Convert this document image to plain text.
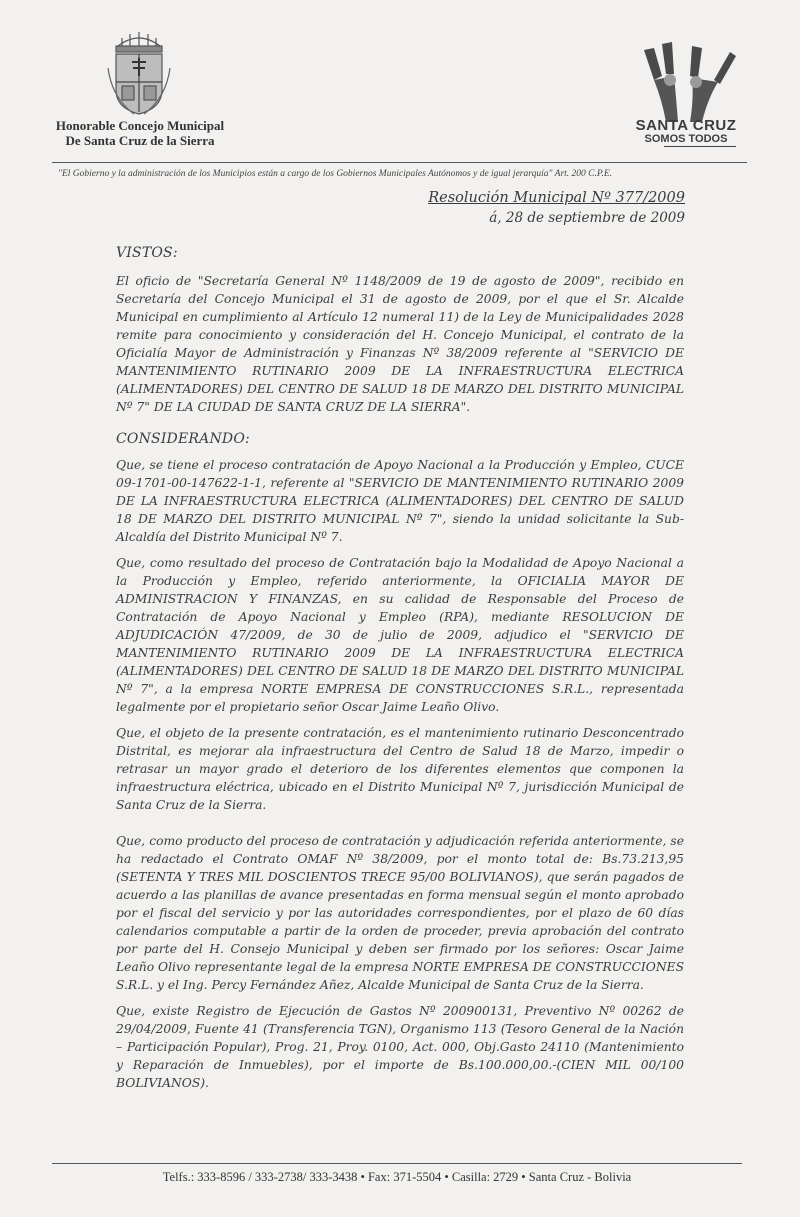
Honorable Concejo Municipal
De Santa Cruz de la Sierra
SANTA CRUZ
SOMOS TODOS
"El Gobierno y la administración de los Municipios están a cargo de los Gobiernos Municipales Autónomos y de igual jerarquía" Art. 200 C.P.E.
Resolución Municipal Nº 377/2009
á, 28 de septiembre de 2009
VISTOS:

El oficio de "Secretaría General Nº 1148/2009 de 19 de agosto de 2009", recibido en Secretaría del Concejo Municipal el 31 de agosto de 2009, por el que el Sr. Alcalde Municipal en cumplimiento al Artículo 12 numeral 11) de la Ley de Municipalidades 2028 remite para conocimiento y consideración del H. Concejo Municipal, el contrato de la Oficialía Mayor de Administración y Finanzas Nº 38/2009 referente al "SERVICIO DE MANTENIMIENTO RUTINARIO 2009 DE LA INFRAESTRUCTURA ELECTRICA (ALIMENTADORES) DEL CENTRO DE SALUD 18 DE MARZO DEL DISTRITO MUNICIPAL Nº 7" DE LA CIUDAD DE SANTA CRUZ DE LA SIERRA".

CONSIDERANDO:

Que, se tiene el proceso contratación de Apoyo Nacional a la Producción y Empleo, CUCE 09-1701-00-147622-1-1, referente al "SERVICIO DE MANTENIMIENTO RUTINARIO 2009 DE LA INFRAESTRUCTURA ELECTRICA (ALIMENTADORES) DEL CENTRO DE SALUD 18 DE MARZO DEL DISTRITO MUNICIPAL Nº 7", siendo la unidad solicitante la Sub-Alcaldía del Distrito Municipal Nº 7.

Que, como resultado del proceso de Contratación bajo la Modalidad de Apoyo Nacional a la Producción y Empleo, referido anteriormente, la OFICIALIA MAYOR DE ADMINISTRACION Y FINANZAS, en su calidad de Responsable del Proceso de Contratación de Apoyo Nacional y Empleo (RPA), mediante RESOLUCION DE ADJUDICACIÓN 47/2009, de 30 de julio de 2009, adjudico el "SERVICIO DE MANTENIMIENTO RUTINARIO 2009 DE LA INFRAESTRUCTURA ELECTRICA (ALIMENTADORES) DEL CENTRO DE SALUD 18 DE MARZO DEL DISTRITO MUNICIPAL Nº 7", a la empresa NORTE EMPRESA DE CONSTRUCCIONES S.R.L., representada legalmente por el propietario señor Oscar Jaime Leaño Olivo.

Que, el objeto de la presente contratación, es el mantenimiento rutinario Desconcentrado Distrital, es mejorar ala infraestructura del Centro de Salud 18 de Marzo, impedir o retrasar un mayor grado el deterioro de los diferentes elementos que componen la infraestructura eléctrica, ubicado en el Distrito Municipal Nº 7, jurisdicción Municipal de Santa Cruz de la Sierra.

Que, como producto del proceso de contratación y adjudicación referida anteriormente, se ha redactado el Contrato OMAF Nº 38/2009, por el monto total de: Bs.73.213,95 (SETENTA Y TRES MIL DOSCIENTOS TRECE 95/00 BOLIVIANOS), que serán pagados de acuerdo a las planillas de avance presentadas en forma mensual según el monto aprobado por el fiscal del servicio y por las autoridades correspondientes, por el plazo de 60 días calendarios computable a partir de la orden de proceder, previa aprobación del contrato por parte del H. Consejo Municipal y deben ser firmado por los señores: Oscar Jaime Leaño Olivo representante legal de la empresa NORTE EMPRESA DE CONSTRUCCIONES S.R.L. y el Ing. Percy Fernández Añez, Alcalde Municipal de Santa Cruz de la Sierra.

Que, existe Registro de Ejecución de Gastos Nº 200900131, Preventivo Nº 00262 de 29/04/2009, Fuente 41 (Transferencia TGN), Organismo 113 (Tesoro General de la Nación – Participación Popular), Prog. 21, Proy. 0100, Act. 000, Obj.Gasto 24110 (Mantenimiento y Reparación de Inmuebles), por el importe de Bs.100.000,00.-(CIEN MIL 00/100 BOLIVIANOS).

Telfs.: 333-8596 / 333-2738/ 333-3438 • Fax: 371-5504 • Casilla: 2729 • Santa Cruz - Bolivia
